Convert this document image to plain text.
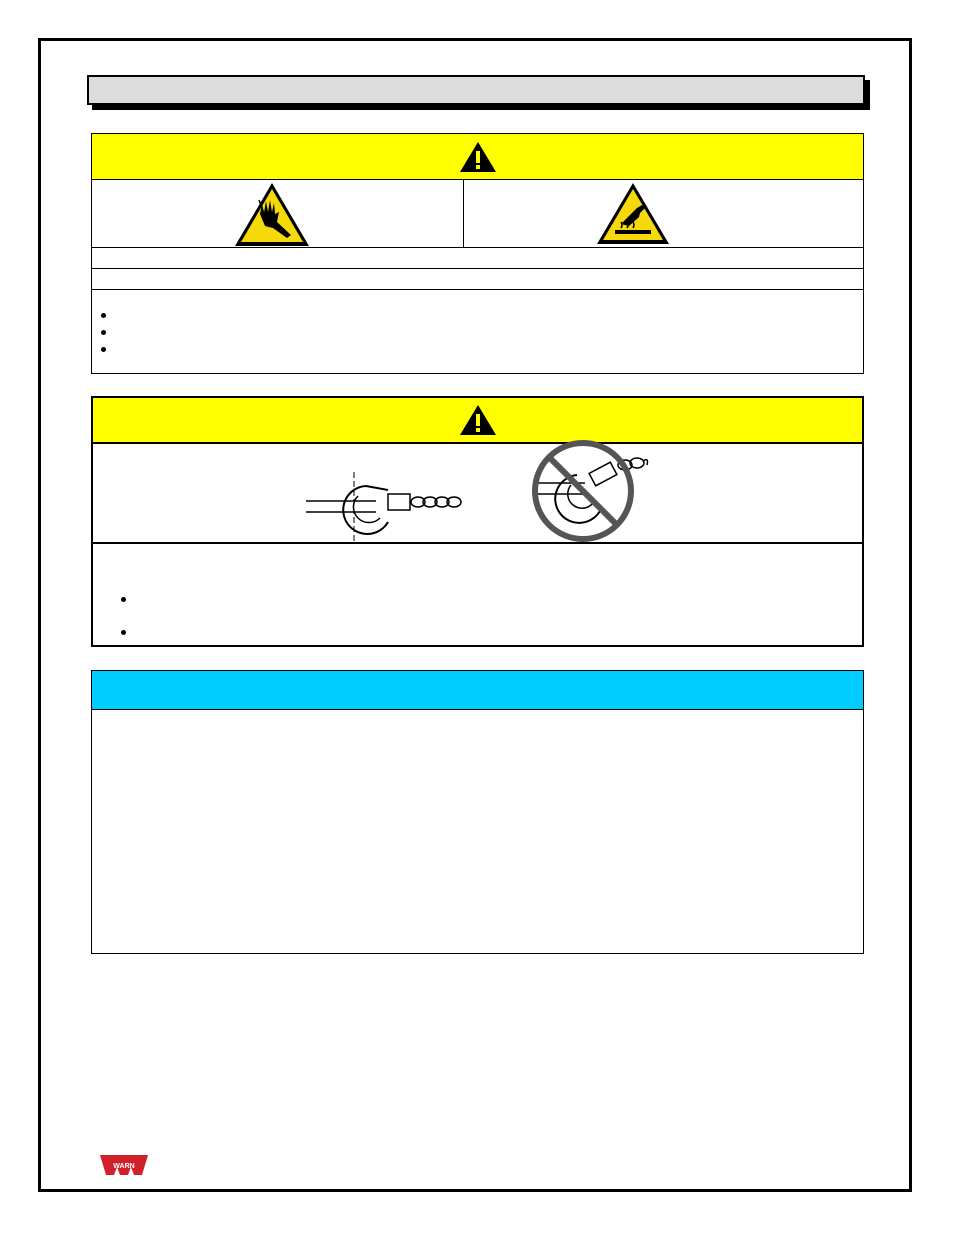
WARN
